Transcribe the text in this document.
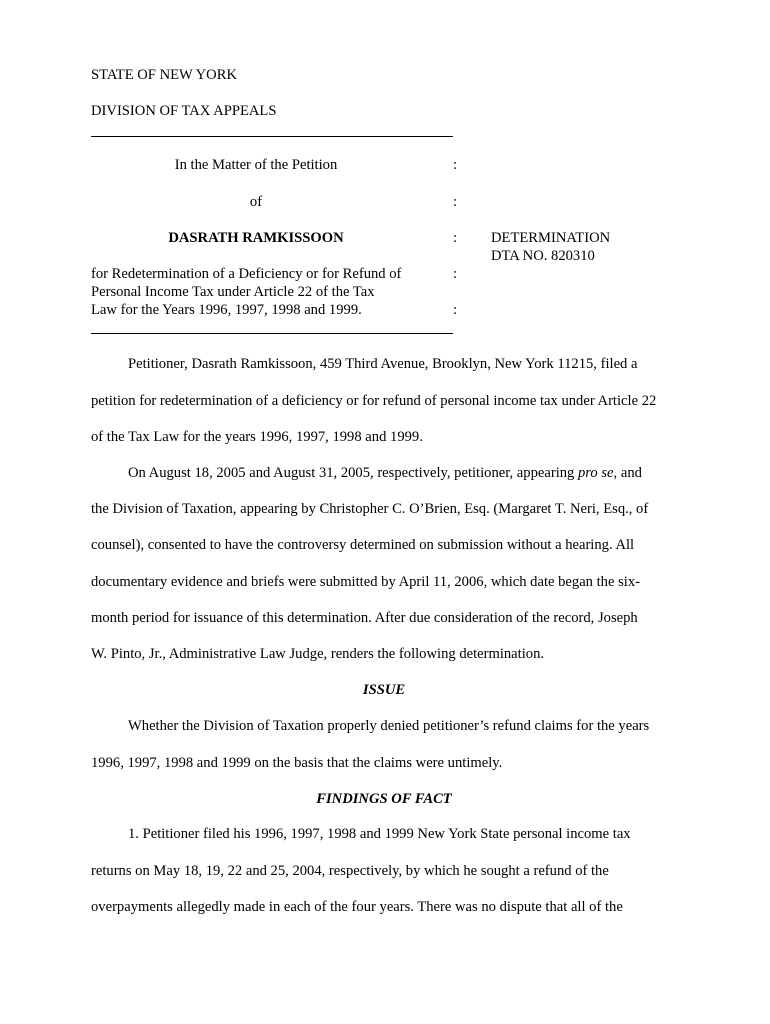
STATE OF NEW YORK
DIVISION OF TAX APPEALS
In the Matter of the Petition	:
of	:
DASRATH RAMKISSOON	: DETERMINATION
DTA NO. 820310
for Redetermination of a Deficiency or for Refund of	:
Personal Income Tax under Article 22 of the Tax
Law for the Years 1996, 1997, 1998 and 1999.	:
Petitioner, Dasrath Ramkissoon, 459 Third Avenue, Brooklyn, New York 11215, filed a
petition for redetermination of a deficiency or for refund of personal income tax under Article 22
of the Tax Law for the years 1996, 1997, 1998 and 1999.
On August 18, 2005 and August 31, 2005, respectively, petitioner, appearing pro se, and
the Division of Taxation, appearing by Christopher C. O’Brien, Esq. (Margaret T. Neri, Esq., of
counsel), consented to have the controversy determined on submission without a hearing. All
documentary evidence and briefs were submitted by April 11, 2006, which date began the six-
month period for issuance of this determination. After due consideration of the record, Joseph
W. Pinto, Jr., Administrative Law Judge, renders the following determination.
ISSUE
Whether the Division of Taxation properly denied petitioner’s refund claims for the years
1996, 1997, 1998 and 1999 on the basis that the claims were untimely.
FINDINGS OF FACT
1. Petitioner filed his 1996, 1997, 1998 and 1999 New York State personal income tax
returns on May 18, 19, 22 and 25, 2004, respectively, by which he sought a refund of the
overpayments allegedly made in each of the four years. There was no dispute that all of the
